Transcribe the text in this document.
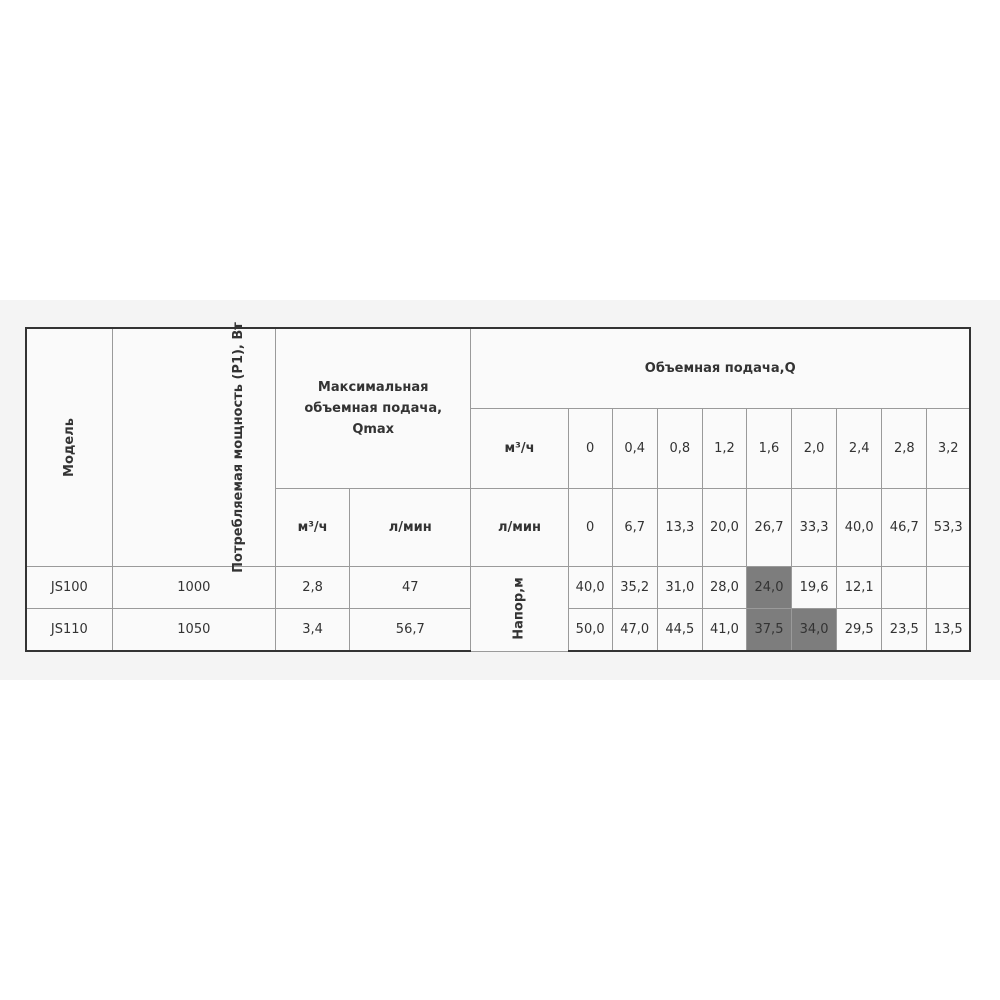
Модель	Потребляемая мощность (P1), Вт	Максимальная объемная подача, Qmax		Объемная подача,Q									
				м³/ч	0	0,4	0,8	1,2	1,6	2,0	2,4	2,8	3,2
		м³/ч	л/мин	л/мин	0	6,7	13,3	20,0	26,7	33,3	40,0	46,7	53,3
JS100	1000	2,8	47	Напор,м	40,0	35,2	31,0	28,0	24,0	19,6	12,1		
JS110	1050	3,4	56,7		50,0	47,0	44,5	41,0	37,5	34,0	29,5	23,5	13,5
